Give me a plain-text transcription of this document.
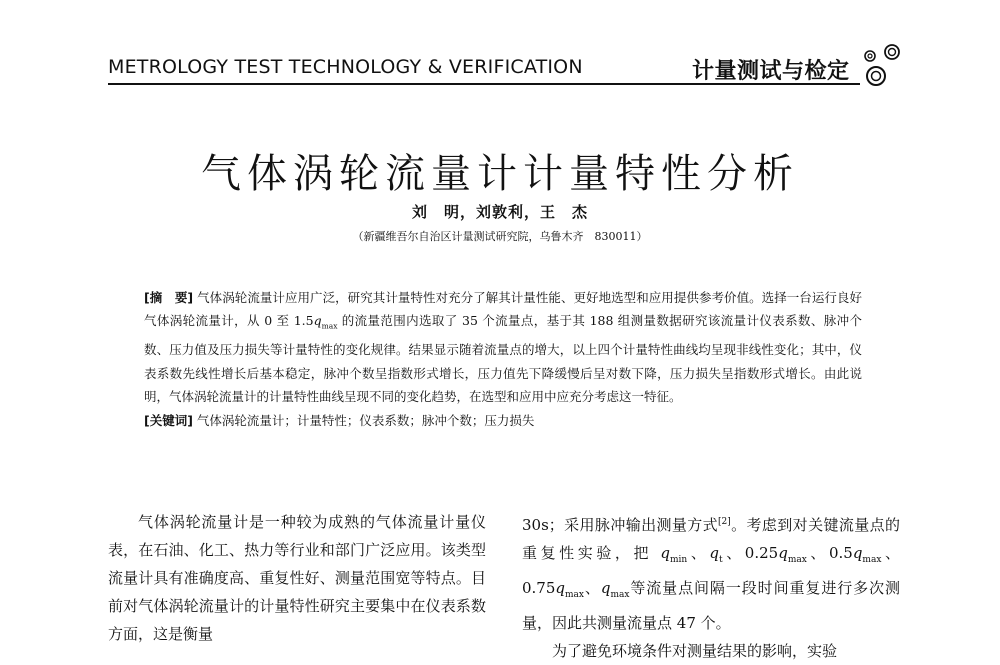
METROLOGY TEST TECHNOLOGY & VERIFICATION	计量测试与检定
气体涡轮流量计计量特性分析
刘　明，刘敦利，王　杰
（新疆维吾尔自治区计量测试研究院，乌鲁木齐　830011）

[摘　要] 气体涡轮流量计应用广泛，研究其计量特性对充分了解其计量性能、更好地选型和应用提供参考价值。选择一台运行良好气体涡轮流量计，从 0 至 $1.5q_{max}$ 的流量范围内选取了 35 个流量点，基于其 188 组测量数据研究该流量计仪表系数、脉冲个数、压力值及压力损失等计量特性的变化规律。结果显示随着流量点的增大，以上四个计量特性曲线均呈现非线性变化；其中，仪表系数先线性增长后基本稳定，脉冲个数呈指数形式增长，压力值先下降缓慢后呈对数下降，压力损失呈指数形式增长。由此说明，气体涡轮流量计的计量特性曲线呈现不同的变化趋势，在选型和应用中应充分考虑这一特征。

[关键词] 气体涡轮流量计；计量特性；仪表系数；脉冲个数；压力损失

气体涡轮流量计是一种较为成熟的气体流量计量仪表，在石油、化工、热力等行业和部门广泛应用。该类型流量计具有准确度高、重复性好、测量范围宽等特点。目前对气体涡轮流量计的计量特性研究主要集中在仪表系数方面，这是衡量

30s；采用脉冲输出测量方式[2]。考虑到对关键流量点的重复性实验，把 $q_{min}$、$q_t$、$0.25q_{max}$、$0.5q_{max}$、$0.75q_{max}$、$q_{max}$等流量点间隔一段时间重复进行多次测量，因此共测量流量点 47 个。

为了避免环境条件对测量结果的影响，实验
